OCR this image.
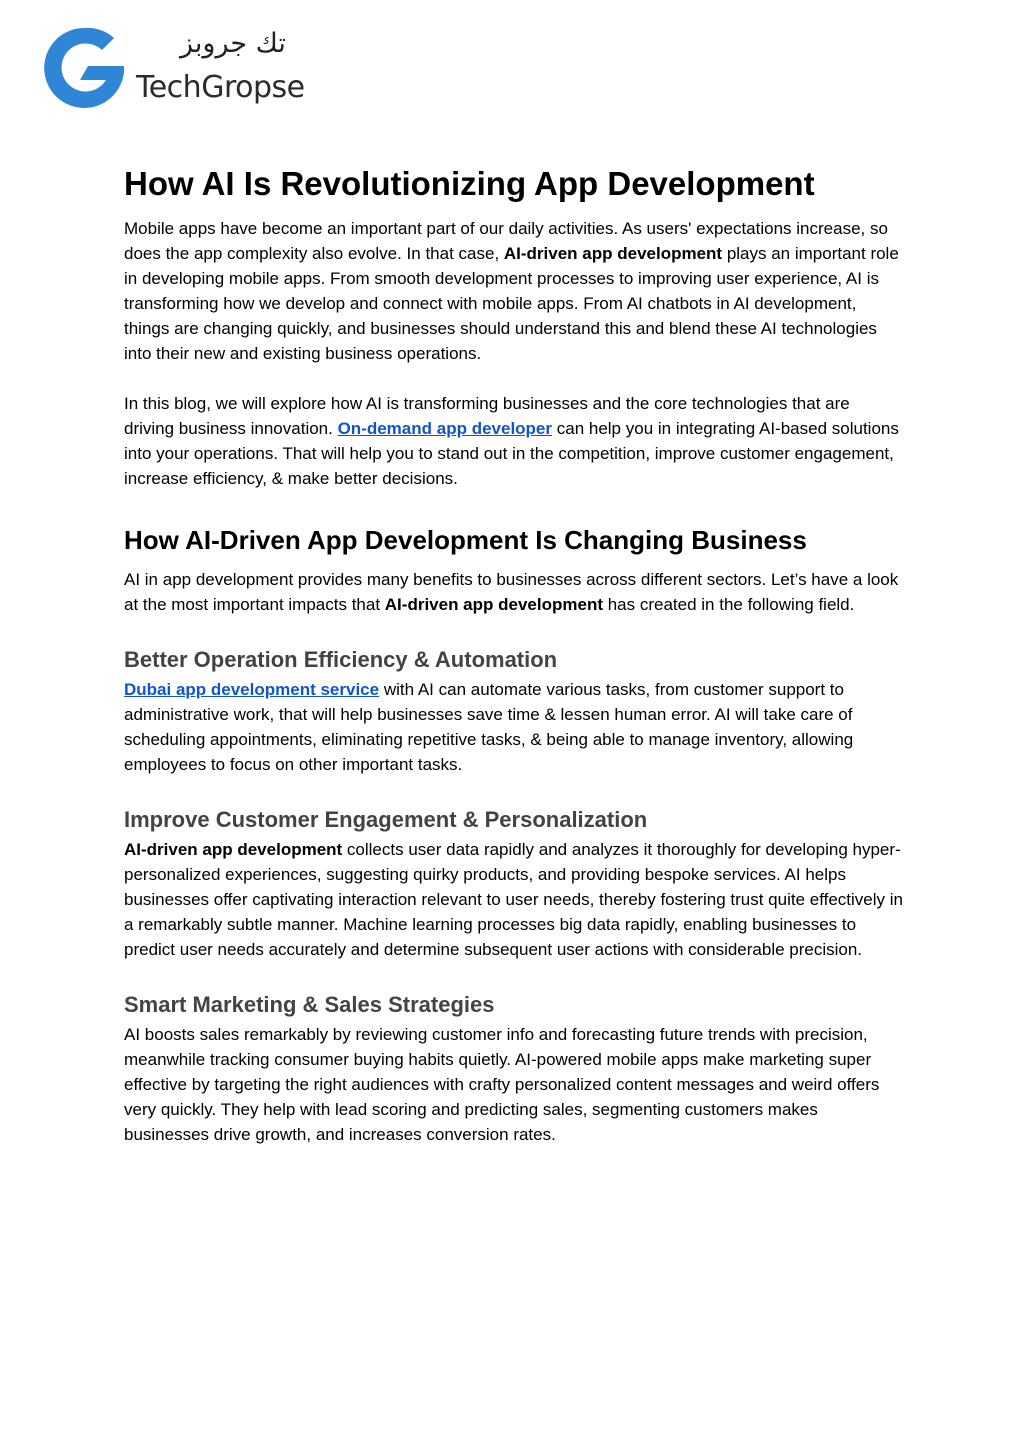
تك جروبز
TechGropse
How AI Is Revolutionizing App Development

Mobile apps have become an important part of our daily activities. As users' expectations increase, so does the app complexity also evolve. In that case, AI-driven app development plays an important role in developing mobile apps. From smooth development processes to improving user experience, AI is transforming how we develop and connect with mobile apps. From AI chatbots in AI development, things are changing quickly, and businesses should understand this and blend these AI technologies into their new and existing business operations.

In this blog, we will explore how AI is transforming businesses and the core technologies that are driving business innovation. On-demand app developer can help you in integrating AI-based solutions into your operations. That will help you to stand out in the competition, improve customer engagement, increase efficiency, & make better decisions.

How AI-Driven App Development Is Changing Business

AI in app development provides many benefits to businesses across different sectors. Let’s have a look at the most important impacts that AI-driven app development has created in the following field.

Better Operation Efficiency & Automation

Dubai app development service with AI can automate various tasks, from customer support to administrative work, that will help businesses save time & lessen human error. AI will take care of scheduling appointments, eliminating repetitive tasks, & being able to manage inventory, allowing employees to focus on other important tasks.

Improve Customer Engagement & Personalization

AI-driven app development collects user data rapidly and analyzes it thoroughly for developing hyper-personalized experiences, suggesting quirky products, and providing bespoke services. AI helps businesses offer captivating interaction relevant to user needs, thereby fostering trust quite effectively in a remarkably subtle manner. Machine learning processes big data rapidly, enabling businesses to predict user needs accurately and determine subsequent user actions with considerable precision.

Smart Marketing & Sales Strategies

AI boosts sales remarkably by reviewing customer info and forecasting future trends with precision, meanwhile tracking consumer buying habits quietly. AI-powered mobile apps make marketing super effective by targeting the right audiences with crafty personalized content messages and weird offers very quickly. They help with lead scoring and predicting sales, segmenting customers makes businesses drive growth, and increases conversion rates.
